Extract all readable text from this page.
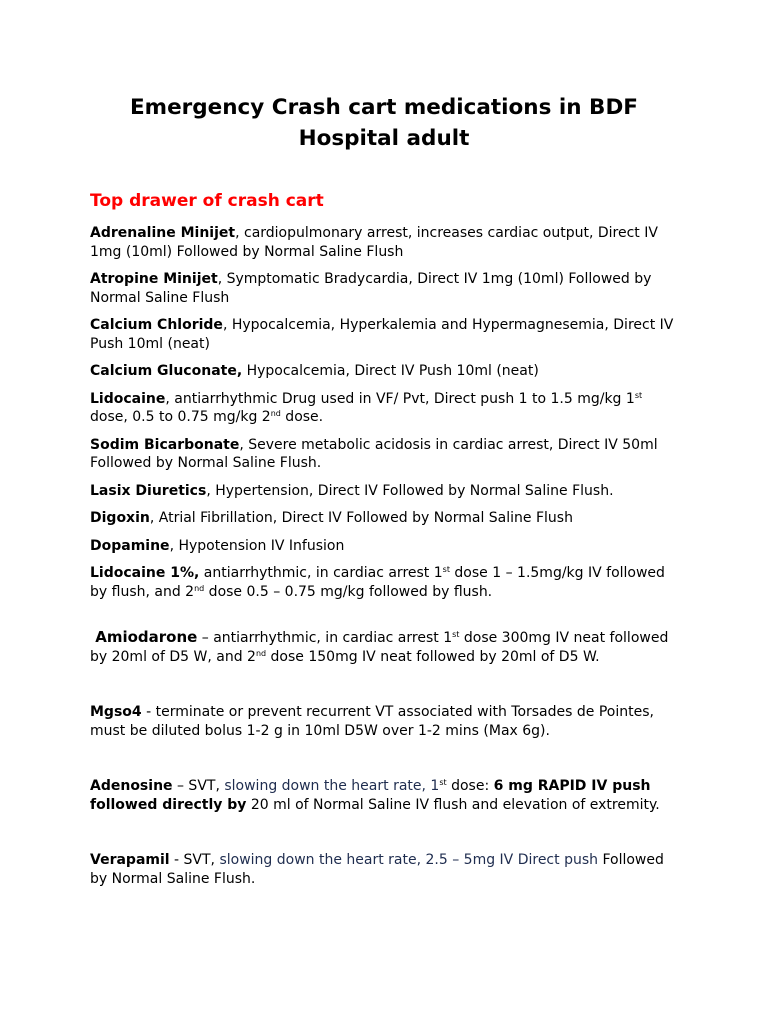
Emergency Crash cart medications in BDF
Hospital adult
Top drawer of crash cart

Adrenaline Minijet, cardiopulmonary arrest, increases cardiac output, Direct IV 1mg (10ml) Followed by Normal Saline Flush

Atropine Minijet, Symptomatic Bradycardia, Direct IV 1mg (10ml) Followed by Normal Saline Flush

Calcium Chloride, Hypocalcemia, Hyperkalemia and Hypermagnesemia, Direct IV Push 10ml (neat)

Calcium Gluconate, Hypocalcemia, Direct IV Push 10ml (neat)

Lidocaine, antiarrhythmic Drug used in VF/ Pvt, Direct push 1 to 1.5 mg/kg 1st dose, 0.5 to 0.75 mg/kg 2nd dose.

Sodim Bicarbonate, Severe metabolic acidosis in cardiac arrest, Direct IV 50ml Followed by Normal Saline Flush.

Lasix Diuretics, Hypertension, Direct IV Followed by Normal Saline Flush.

Digoxin, Atrial Fibrillation, Direct IV Followed by Normal Saline Flush

Dopamine, Hypotension IV Infusion

Lidocaine 1%, antiarrhythmic, in cardiac arrest 1st dose 1 – 1.5mg/kg IV followed by flush, and 2nd dose 0.5 – 0.75 mg/kg followed by flush.

Amiodarone – antiarrhythmic, in cardiac arrest 1st dose 300mg IV neat followed by 20ml of D5 W, and 2nd dose 150mg IV neat followed by 20ml of D5 W.

Mgso4 - terminate or prevent recurrent VT associated with Torsades de Pointes, must be diluted bolus 1-2 g in 10ml D5W over 1-2 mins (Max 6g).

Adenosine – SVT, slowing down the heart rate, 1st dose: 6 mg RAPID IV push followed directly by 20 ml of Normal Saline IV flush and elevation of extremity.

Verapamil - SVT, slowing down the heart rate, 2.5 – 5mg IV Direct push Followed by Normal Saline Flush.
